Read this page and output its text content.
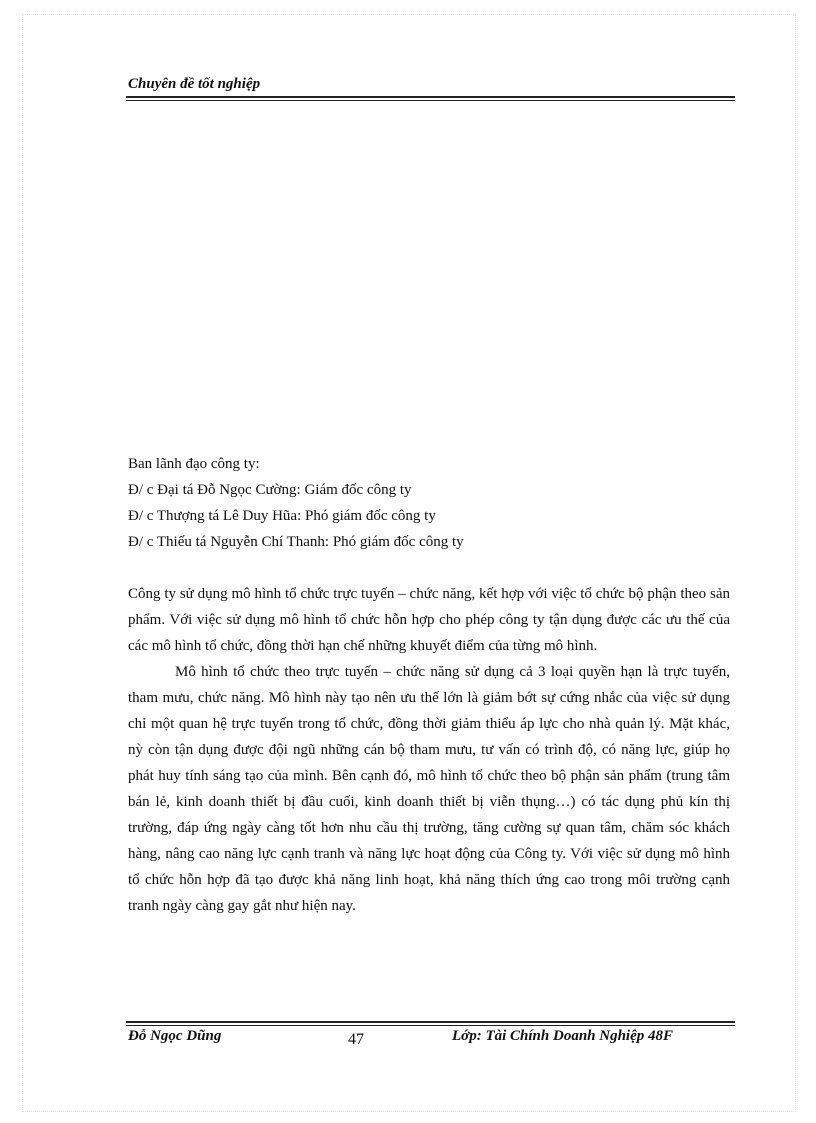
Chuyên đề tốt nghiệp
Ban lãnh đạo công ty:
Đ/ c Đại tá Đỗ Ngọc Cường: Giám đốc công ty
Đ/ c Thượng tá Lê Duy Hũa: Phó giám đốc công ty
Đ/ c Thiếu tá Nguyễn Chí Thanh: Phó giám đốc công ty

Công ty sử dụng mô hình tổ chức trực tuyến – chức năng, kết hợp với việc tổ chức bộ phận theo sản phẩm. Với việc sử dụng mô hình tổ chức hỗn hợp cho phép công ty tận dụng được các ưu thế của các mô hình tổ chức, đồng thời hạn chế những khuyết điểm của từng mô hình.

Mô hình tổ chức theo trực tuyến – chức năng sử dụng cả 3 loại quyền hạn là trực tuyến, tham mưu, chức năng. Mô hình này tạo nên ưu thế lớn là giảm bớt sự cứng nhắc của việc sử dụng chỉ một quan hệ trực tuyến trong tổ chức, đồng thời giảm thiểu áp lực cho nhà quản lý. Mặt khác, nỳ còn tận dụng được đội ngũ những cán bộ tham mưu, tư vấn có trình độ, có năng lực, giúp họ phát huy tính sáng tạo của mình. Bên cạnh đó, mô hình tổ chức theo bộ phận sản phẩm (trung tâm bán lẻ, kinh doanh thiết bị đầu cuối, kinh doanh thiết bị viễn thụng…) có tác dụng phủ kín thị trường, đáp ứng ngày càng tốt hơn nhu cầu thị trường, tăng cường sự quan tâm, chăm sóc khách hàng, nâng cao năng lực cạnh tranh và năng lực hoạt động của Công ty. Với việc sử dụng mô hình tổ chức hỗn hợp đã tạo được khả năng linh hoạt, khả năng thích ứng cao trong môi trường cạnh tranh ngày càng gay gắt như hiện nay.

Đỗ Ngọc Dũng	47	Lớp: Tài Chính Doanh Nghiệp 48F
